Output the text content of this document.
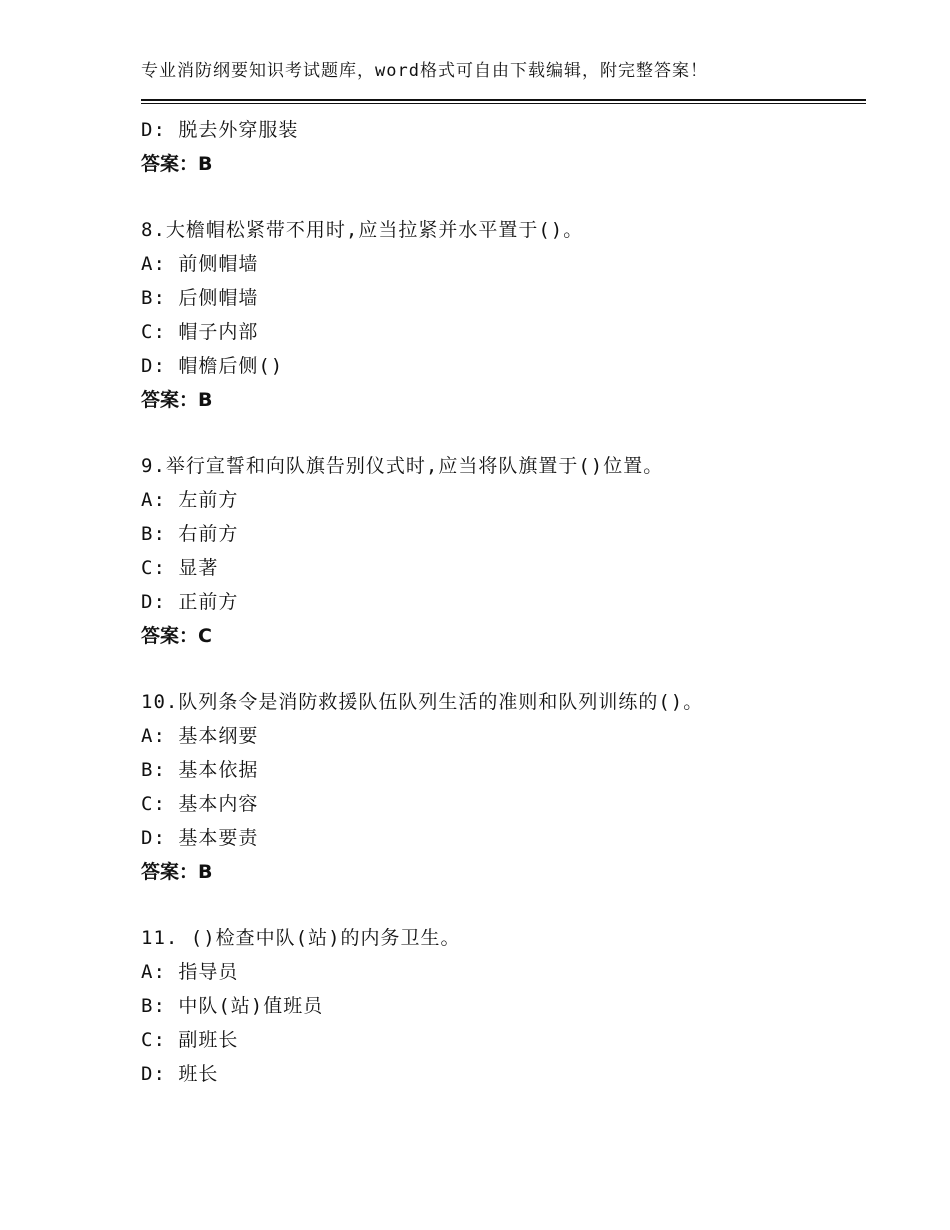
专业消防纲要知识考试题库，word格式可自由下载编辑，附完整答案！
D: 脱去外穿服装
答案：B
8.大檐帽松紧带不用时,应当拉紧并水平置于()。
A: 前侧帽墙
B: 后侧帽墙
C: 帽子内部
D: 帽檐后侧()
答案：B
9.举行宣誓和向队旗告别仪式时,应当将队旗置于()位置。
A: 左前方
B: 右前方
C: 显著
D: 正前方
答案：C
10.队列条令是消防救援队伍队列生活的准则和队列训练的()。
A: 基本纲要
B: 基本依据
C: 基本内容
D: 基本要责
答案：B
11. ()检查中队(站)的内务卫生。
A: 指导员
B: 中队(站)值班员
C: 副班长
D: 班长
